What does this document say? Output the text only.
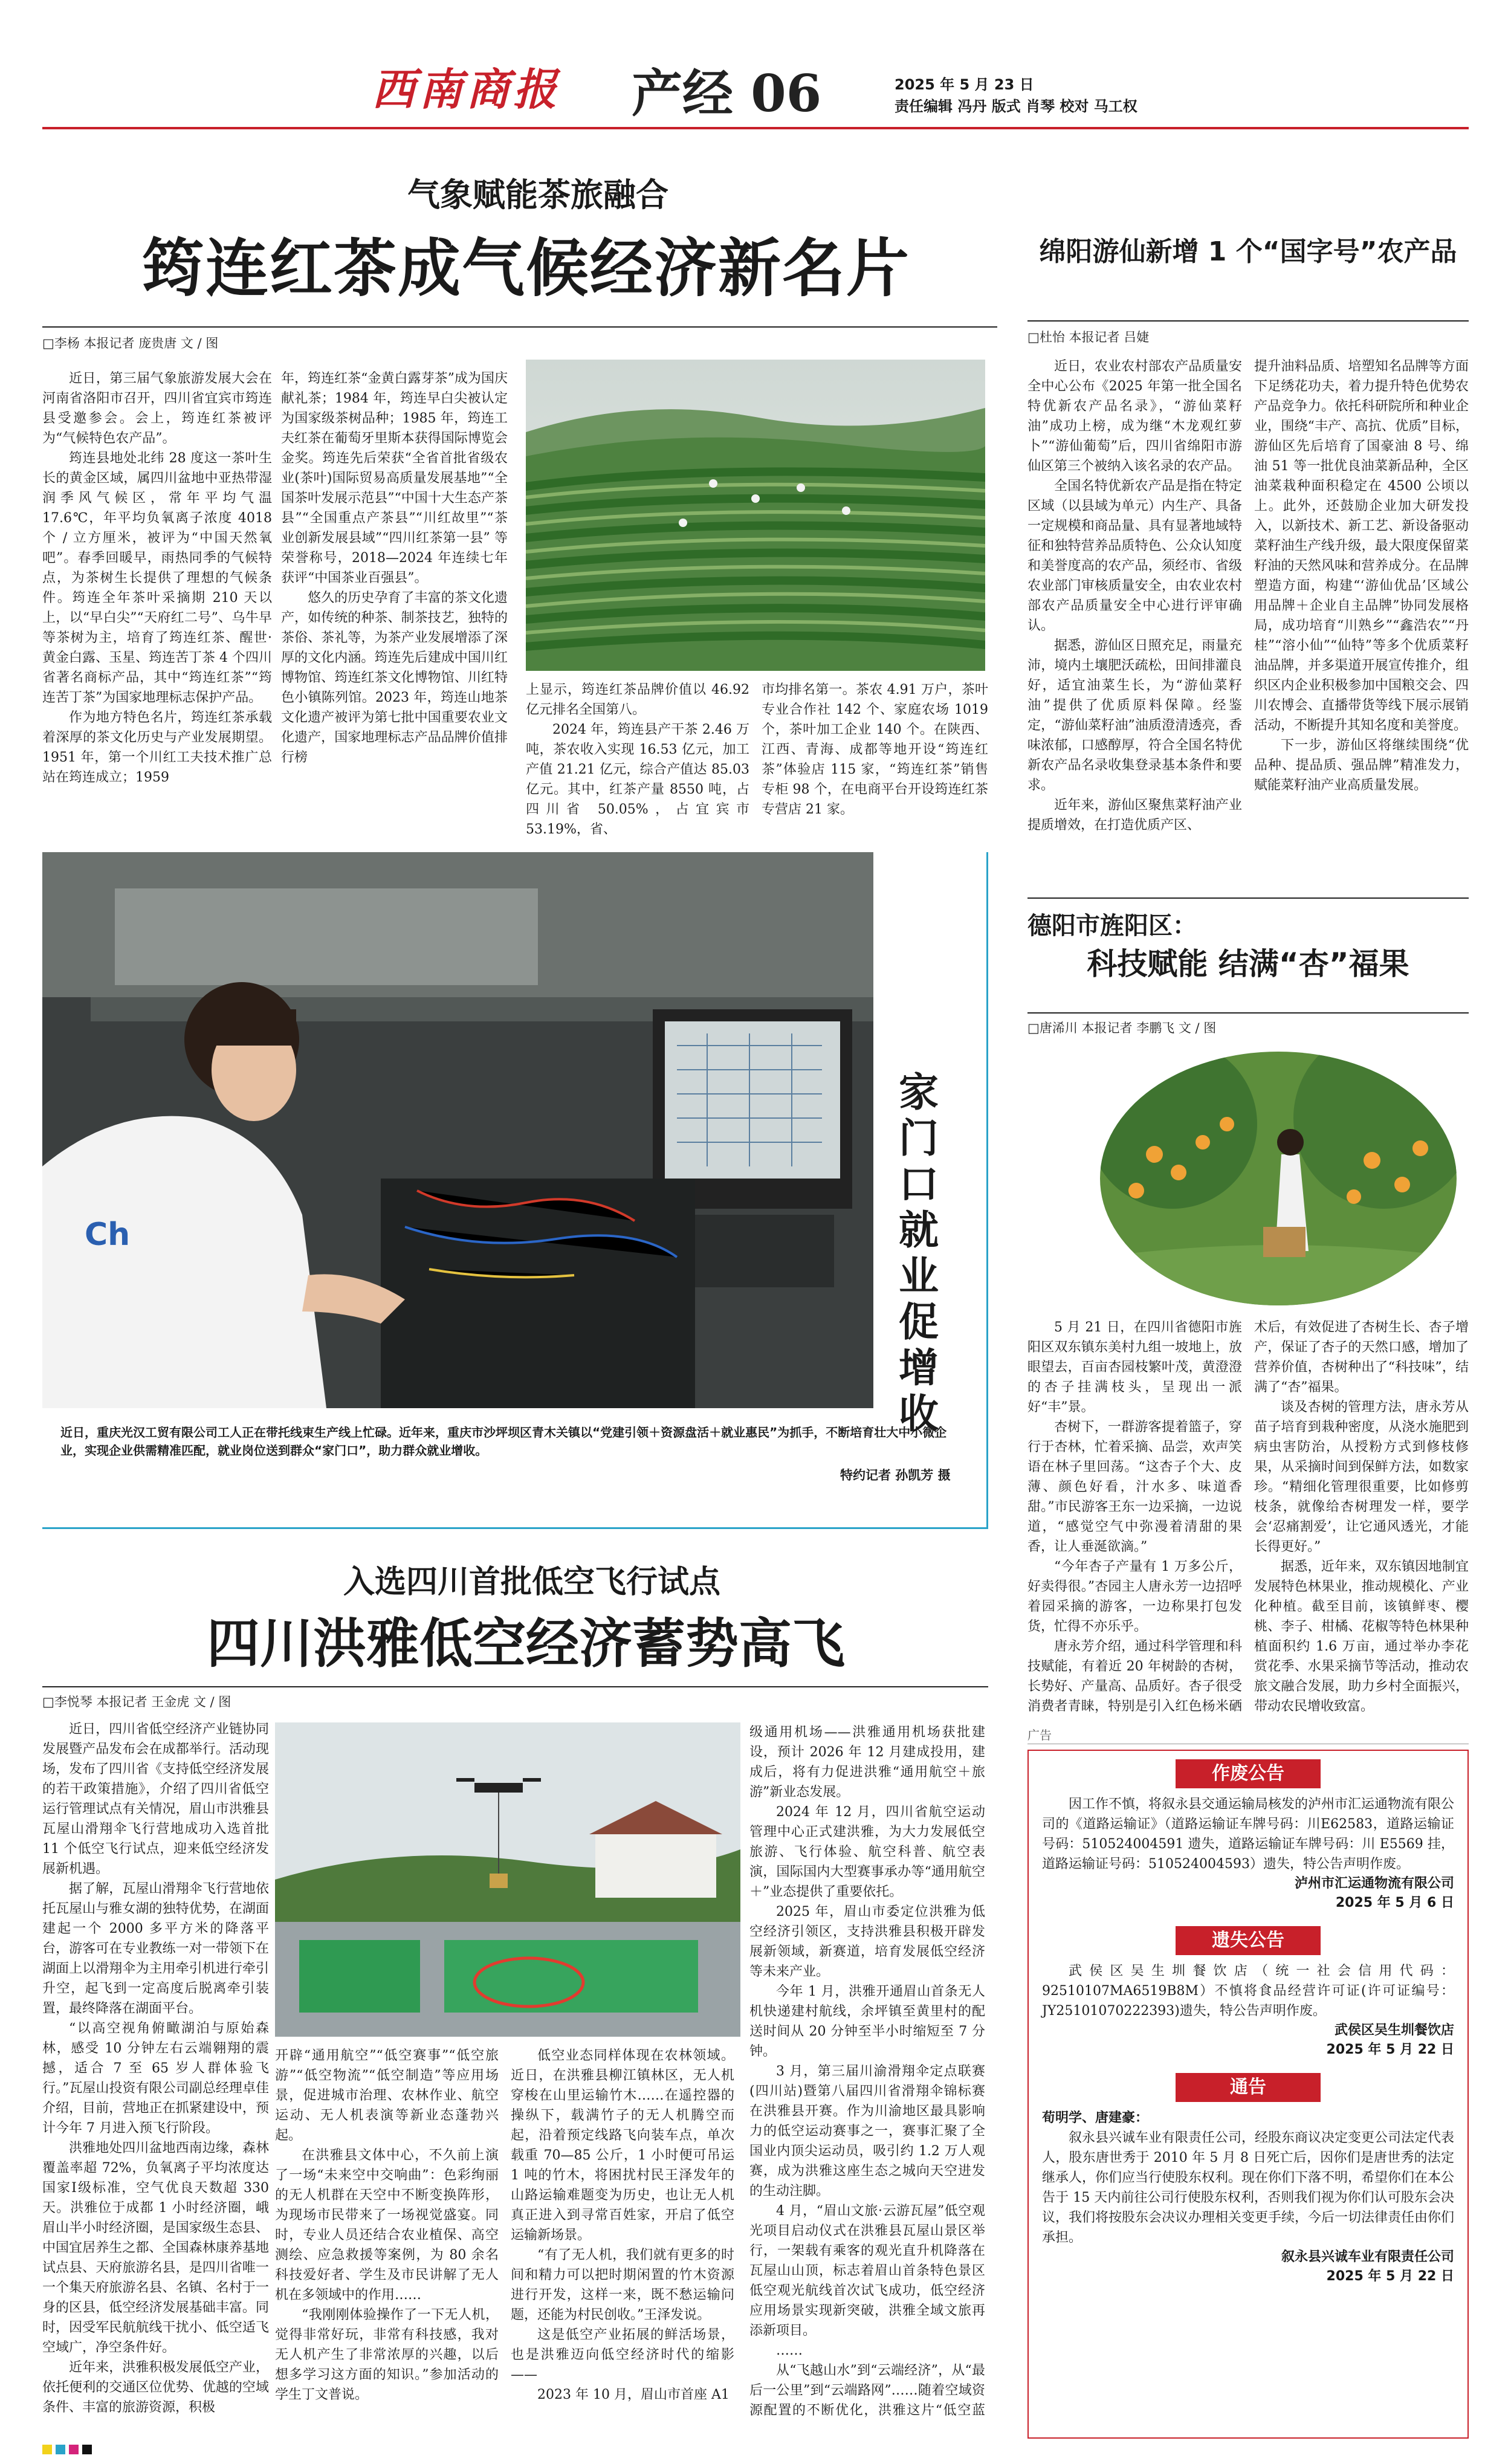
西南商报 产经 06	2025 年 5 月 23 日
责任编辑 冯丹 版式 肖琴 校对 马工权
气象赋能茶旅融合
筠连红茶成气候经济新名片
□李杨 本报记者 庞贵唐 文 / 图

近日，第三届气象旅游发展大会在河南省洛阳市召开，四川省宜宾市筠连县受邀参会。会上，筠连红茶被评为“气候特色农产品”。

筠连县地处北纬 28 度这一茶叶生长的黄金区域，属四川盆地中亚热带湿润季风气候区，常年平均气温 17.6℃，年平均负氧离子浓度 4018 个 / 立方厘米，被评为“中国天然氧吧”。春季回暖早，雨热同季的气候特点，为茶树生长提供了理想的气候条件。筠连全年茶叶采摘期 210 天以上，以“早白尖”“天府红二号”、乌牛早等茶树为主，培育了筠连红茶、醒世·黄金白露、玉星、筠连苦丁茶 4 个四川省著名商标产品，其中“筠连红茶”“筠连苦丁茶”为国家地理标志保护产品。

作为地方特色名片，筠连红茶承载着深厚的茶文化历史与产业发展期望。1951 年，第一个川红工夫技术推广总站在筠连成立；1959

年，筠连红茶“金黄白露芽茶”成为国庆献礼茶；1984 年，筠连早白尖被认定为国家级茶树品种；1985 年，筠连工夫红茶在葡萄牙里斯本获得国际博览会金奖。筠连先后荣获“全省首批省级农业(茶叶)国际贸易高质量发展基地”“全国茶叶发展示范县”“中国十大生态产茶县”“全国重点产茶县”“川红故里”“茶业创新发展县域”“四川红茶第一县” 等荣誉称号，2018—2024 年连续七年获评“中国茶业百强县”。

悠久的历史孕育了丰富的茶文化遗产，如传统的种茶、制茶技艺，独特的茶俗、茶礼等，为茶产业发展增添了深厚的文化内涵。筠连先后建成中国川红博物馆、筠连红茶文化博物馆、川红特色小镇陈列馆。2023 年，筠连山地茶文化遗产被评为第七批中国重要农业文化遗产，国家地理标志产品品牌价值排行榜

上显示，筠连红茶品牌价值以 46.92 亿元排名全国第八。

2024 年，筠连县产干茶 2.46 万吨，茶农收入实现 16.53 亿元，加工产值 21.21 亿元，综合产值达 85.03 亿元。其中，红茶产量 8550 吨，占四川省 50.05%，占宜宾市 53.19%，省、

市均排名第一。茶农 4.91 万户，茶叶专业合作社 142 个、家庭农场 1019 个，茶叶加工企业 140 个。在陕西、江西、青海、成都等地开设“筠连红茶”体验店 115 家，“筠连红茶”销售专柜 98 个，在电商平台开设筠连红茶专营店 21 家。

Ch
家
门
口
就
业
促
增
收
近日，重庆光汉工贸有限公司工人正在带托线束生产线上忙碌。近年来，重庆市沙坪坝区青木关镇以“党建引领＋资源盘活＋就业惠民”为抓手，不断培育壮大中小微企业，实现企业供需精准匹配，就业岗位送到群众“家门口”，助力群众就业增收。
特约记者 孙凯芳 摄
入选四川首批低空飞行试点
四川洪雅低空经济蓄势高飞
□李悦琴 本报记者 王金虎 文 / 图

近日，四川省低空经济产业链协同发展暨产品发布会在成都举行。活动现场，发布了四川省《支持低空经济发展的若干政策措施》，介绍了四川省低空运行管理试点有关情况，眉山市洪雅县瓦屋山滑翔伞飞行营地成功入选首批 11 个低空飞行试点，迎来低空经济发展新机遇。

据了解，瓦屋山滑翔伞飞行营地依托瓦屋山与雅女湖的独特优势，在湖面建起一个 2000 多平方米的降落平台，游客可在专业教练一对一带领下在湖面上以滑翔伞为主用牵引机进行牵引升空，起飞到一定高度后脱离牵引装置，最终降落在湖面平台。

“以高空视角俯瞰湖泊与原始森林，感受 10 分钟左右云端翱翔的震撼，适合 7 至 65 岁人群体验飞行。”瓦屋山投资有限公司副总经理卓佳介绍，目前，营地正在抓紧建设中，预计今年 7 月进入预飞行阶段。

洪雅地处四川盆地西南边缘，森林覆盖率超 72%，负氧离子平均浓度达国家Ⅰ级标准，空气优良天数超 330 天。洪雅位于成都 1 小时经济圈，峨眉山半小时经济圈，是国家级生态县、中国宜居养生之都、全国森林康养基地试点县、天府旅游名县，是四川省唯一一个集天府旅游名县、名镇、名村于一身的区县，低空经济发展基础丰富。同时，因受军民航航线干扰小、低空适飞空域广，净空条件好。

近年来，洪雅积极发展低空产业，依托便利的交通区位优势、优越的空域条件、丰富的旅游资源，积极

开辟“通用航空”“低空赛事”“低空旅游”“低空物流”“低空制造”等应用场景，促进城市治理、农林作业、航空运动、无人机表演等新业态蓬勃兴起。

在洪雅县文体中心，不久前上演了一场“未来空中交响曲”：色彩绚丽的无人机群在天空中不断变换阵形，为现场市民带来了一场视觉盛宴。同时，专业人员还结合农业植保、高空测绘、应急救援等案例，为 80 余名科技爱好者、学生及市民讲解了无人机在多领域中的作用……

“我刚刚体验操作了一下无人机，觉得非常好玩，非常有科技感，我对无人机产生了非常浓厚的兴趣，以后想多学习这方面的知识。”参加活动的学生丁文普说。

低空业态同样体现在农林领域。近日，在洪雅县柳江镇林区，无人机穿梭在山里运输竹木……在遥控器的操纵下，载满竹子的无人机腾空而起，沿着预定线路飞向装车点，单次载重 70—85 公斤，1 小时便可吊运 1 吨的竹木，将困扰村民王泽发年的山路运输难题变为历史，也让无人机真正进入到寻常百姓家，开启了低空运输新场景。

“有了无人机，我们就有更多的时间和精力可以把时期闲置的竹木资源进行开发，这样一来，既不愁运输问题，还能为村民创收。”王泽发说。

这是低空产业拓展的鲜活场景，也是洪雅迈向低空经济时代的缩影——

2023 年 10 月，眉山市首座 A1

级通用机场——洪雅通用机场获批建设，预计 2026 年 12 月建成投用，建成后，将有力促进洪雅“通用航空＋旅游”新业态发展。

2024 年 12 月，四川省航空运动管理中心正式建洪雅，为大力发展低空旅游、飞行体验、航空科普、航空表演，国际国内大型赛事承办等“通用航空＋”业态提供了重要依托。

2025 年，眉山市委定位洪雅为低空经济引领区，支持洪雅县积极开辟发展新领域，新赛道，培育发展低空经济等未来产业。

今年 1 月，洪雅开通眉山首条无人机快递建村航线，余坪镇至黄里村的配送时间从 20 分钟至半小时缩短至 7 分钟。

3 月，第三届川渝滑翔伞定点联赛(四川站)暨第八届四川省滑翔伞锦标赛在洪雅县开赛。作为川渝地区最具影响力的低空运动赛事之一，赛事汇聚了全国业内顶尖运动员，吸引约 1.2 万人观赛，成为洪雅这座生态之城向天空进发的生动注脚。

4 月，“眉山文旅·云游瓦屋”低空观光项目启动仪式在洪雅县瓦屋山景区举行，一架载有乘客的观光直升机降落在瓦屋山山顶，标志着眉山首条特色景区低空观光航线首次试飞成功，低空经济应用场景实现新突破，洪雅全域文旅再添新项目。

……

从“飞越山水”到“云端经济”，从“最后一公里”到“云端路网”……随着空域资源配置的不断优化，洪雅这片“低空蓝

绵阳游仙新增 1 个“国字号”农产品
□杜怡 本报记者 吕婕

近日，农业农村部农产品质量安全中心公布《2025 年第一批全国名特优新农产品名录》，“游仙菜籽油”成功上榜，成为继“木龙观红萝卜”“游仙葡萄”后，四川省绵阳市游仙区第三个被纳入该名录的农产品。

全国名特优新农产品是指在特定区域（以县域为单元）内生产、具备一定规模和商品量、具有显著地域特征和独特营养品质特色、公众认知度和美誉度高的农产品，须经市、省级农业部门审核质量安全，由农业农村部农产品质量安全中心进行评审确认。

据悉，游仙区日照充足，雨量充沛，境内土壤肥沃疏松，田间排灌良好，适宜油菜生长，为“游仙菜籽油”提供了优质原料保障。经鉴定，“游仙菜籽油”油质澄清透亮，香味浓郁，口感醇厚，符合全国名特优新农产品名录收集登录基本条件和要求。

近年来，游仙区聚焦菜籽油产业提质增效，在打造优质产区、

提升油料品质、培塑知名品牌等方面下足绣花功夫，着力提升特色优势农产品竞争力。依托科研院所和种业企业，围绕“丰产、高抗、优质”目标，游仙区先后培育了国豪油 8 号、绵油 51 等一批优良油菜新品种，全区油菜栽种面积稳定在 4500 公顷以上。此外，还鼓励企业加大研发投入，以新技术、新工艺、新设备驱动菜籽油生产线升级，最大限度保留菜籽油的天然风味和营养成分。在品牌塑造方面，构建“‘游仙优品’区域公用品牌＋企业自主品牌”协同发展格局，成功培育“川熟乡”“鑫浩农”“丹桂”“溶小仙”“仙特”等多个优质菜籽油品牌，并多渠道开展宣传推介，组织区内企业积极参加中国粮交会、四川农博会、直播带货等线下展示展销活动，不断提升其知名度和美誉度。

下一步，游仙区将继续围绕“优品种、提品质、强品牌”精准发力，赋能菜籽油产业高质量发展。

德阳市旌阳区：
科技赋能 结满“杏”福果
□唐浠川 本报记者 李鹏飞 文 / 图

5 月 21 日，在四川省德阳市旌阳区双东镇东美村九组一坡地上，放眼望去，百亩杏园枝繁叶茂，黄澄澄的杏子挂满枝头，呈现出一派好“丰”景。

杏树下，一群游客提着篮子，穿行于杏林，忙着采摘、品尝，欢声笑语在林子里回荡。“这杏子个大、皮薄、颜色好看，汁水多、味道香甜。”市民游客王东一边采摘，一边说道，“感觉空气中弥漫着清甜的果香，让人垂涎欲滴。”

“今年杏子产量有 1 万多公斤，好卖得很。”杏园主人唐永芳一边招呼着园采摘的游客，一边称果打包发货，忙得不亦乐乎。

唐永芳介绍，通过科学管理和科技赋能，有着近 20 年树龄的杏树，长势好、产量高、品质好。杏子很受消费者青睐，特别是引入红色杨米硒

术后，有效促进了杏树生长、杏子增产，保证了杏子的天然口感，增加了营养价值，杏树种出了“科技味”，结满了“杏”福果。

谈及杏树的管理方法，唐永芳从苗子培育到栽种密度，从浇水施肥到病虫害防治，从授粉方式到修枝修果，从采摘时间到保鲜方法，如数家珍。“精细化管理很重要，比如修剪枝条，就像给杏树理发一样，要学会‘忍痛割爱’，让它通风透光，才能长得更好。”

据悉，近年来，双东镇因地制宜发展特色林果业，推动规模化、产业化种植。截至目前，该镇鲜枣、樱桃、李子、柑橘、花椒等特色林果种植面积约 1.6 万亩，通过举办李花赏花季、水果采摘节等活动，推动农旅文融合发展，助力乡村全面振兴，带动农民增收致富。

广告
作废公告
因工作不慎，将叙永县交通运输局核发的泸州市汇运通物流有限公司的《道路运输证》（道路运输证车牌号码：川E62583，道路运输证号码：510524004591 遗失，道路运输证车牌号码：川 E5569 挂，道路运输证号码：510524004593）遗失，特公告声明作废。
泸州市汇运通物流有限公司
2025 年 5 月 6 日
遗失公告
武侯区吴生圳餐饮店（统一社会信用代码：92510107MA6519B8M）不慎将食品经营许可证(许可证编号：JY25101070222393)遗失，特公告声明作废。
武侯区吴生圳餐饮店
2025 年 5 月 22 日
通告
荀明学、唐建豪：
叙永县兴诚车业有限责任公司，经股东商议决定变更公司法定代表人，股东唐世秀于 2010 年 5 月 8 日死亡后，因你们是唐世秀的法定继承人，你们应当行使股东权利。现在你们下落不明，希望你们在本公告于 15 天内前往公司行使股东权利，否则我们视为你们认可股东会决议，我们将按股东会决议办理相关变更手续，今后一切法律责任由你们承担。
叙永县兴诚车业有限责任公司
2025 年 5 月 22 日
